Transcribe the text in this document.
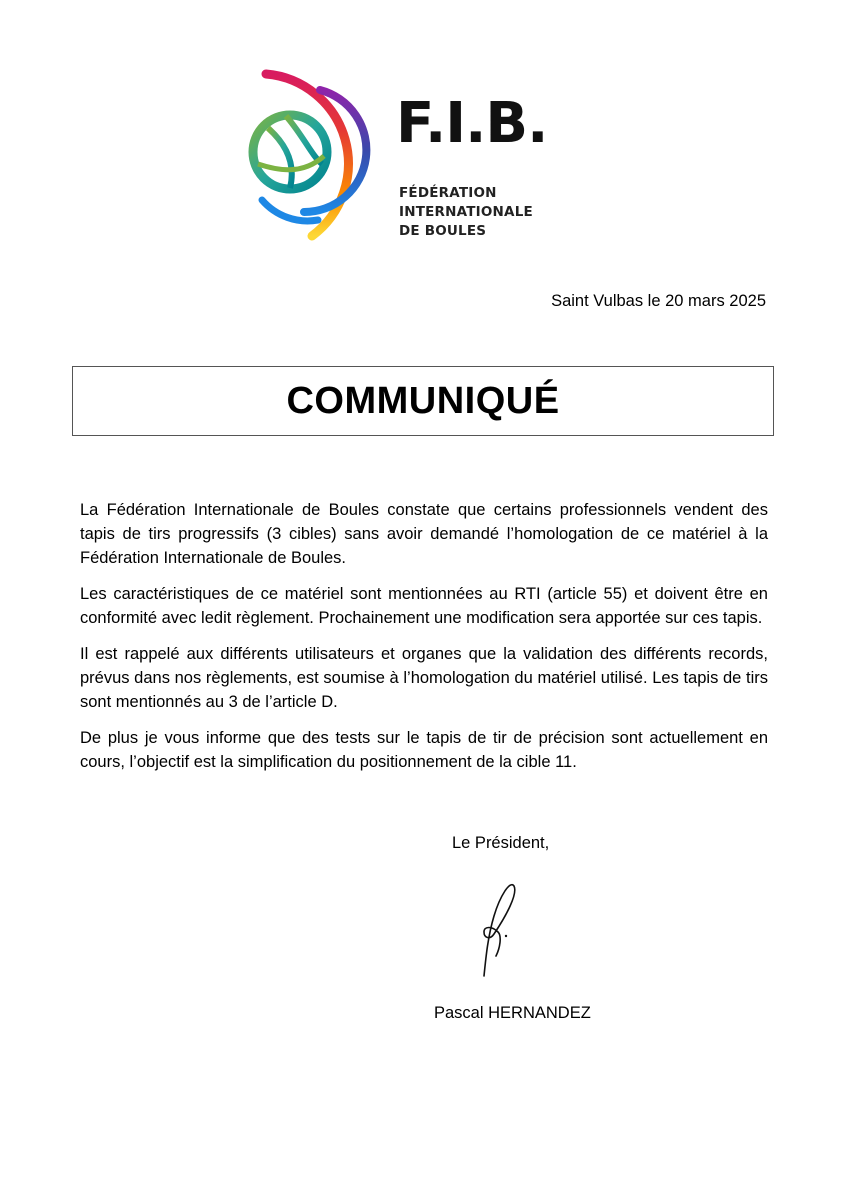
F.I.B.
FÉDÉRATION INTERNATIONALE
DE BOULES
Saint Vulbas le 20 mars 2025
COMMUNIQUÉ

La Fédération Internationale de Boules constate que certains professionnels vendent des tapis de tirs progressifs (3 cibles) sans avoir demandé l’homologation de ce matériel à la Fédération Internationale de Boules.

Les caractéristiques de ce matériel sont mentionnées au RTI (article 55) et doivent être en conformité avec ledit règlement. Prochainement une modification sera apportée sur ces tapis.

Il est rappelé aux différents utilisateurs et organes que la validation des différents records, prévus dans nos règlements, est soumise à l’homologation du matériel utilisé. Les tapis de tirs sont mentionnés au 3 de l’article D.

De plus je vous informe que des tests sur le tapis de tir de précision sont actuellement en cours, l’objectif est la simplification du positionnement de la cible 11.

Le Président,
Pascal HERNANDEZ
